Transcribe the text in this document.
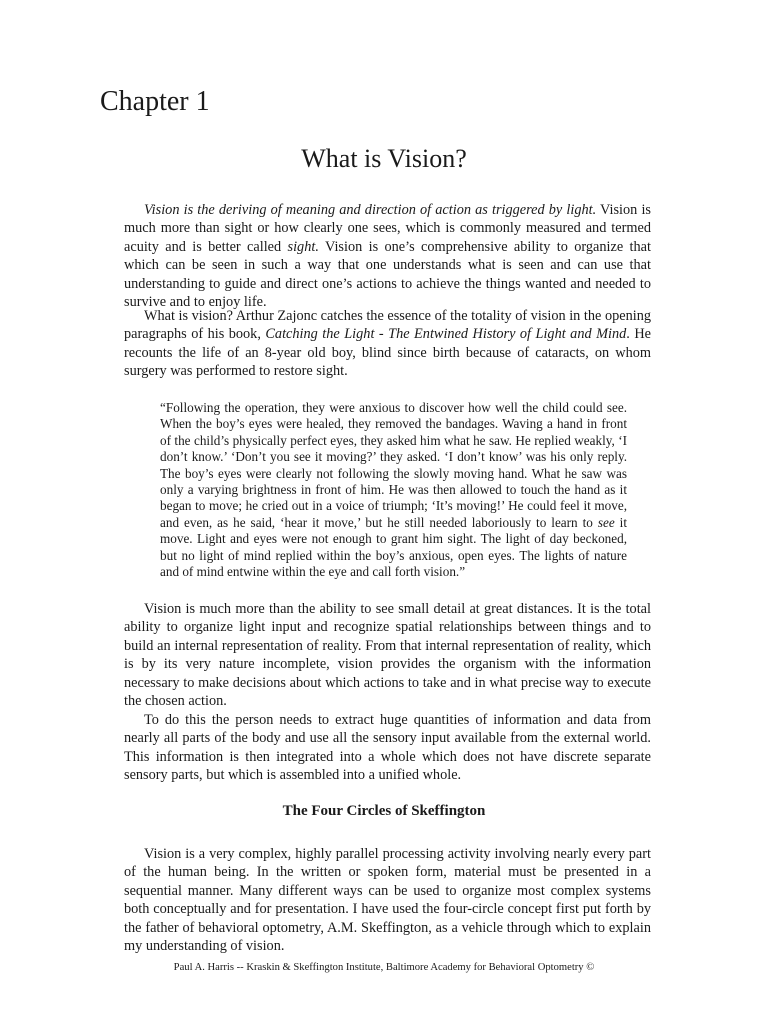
Chapter 1
What is Vision?

Vision is the deriving of meaning and direction of action as triggered by light. Vision is much more than sight or how clearly one sees, which is commonly measured and termed acuity and is better called sight. Vision is one’s comprehensive ability to organize that which can be seen in such a way that one understands what is seen and can use that understanding to guide and direct one’s actions to achieve the things wanted and needed to survive and to enjoy life.

What is vision? Arthur Zajonc catches the essence of the totality of vision in the opening paragraphs of his book, Catching the Light - The Entwined History of Light and Mind. He recounts the life of an 8-year old boy, blind since birth because of cataracts, on whom surgery was performed to restore sight.

“Following the operation, they were anxious to discover how well the child could see. When the boy’s eyes were healed, they removed the bandages. Waving a hand in front of the child’s physically perfect eyes, they asked him what he saw. He replied weakly, ‘I don’t know.’ ‘Don’t you see it moving?’ they asked. ‘I don’t know’ was his only reply. The boy’s eyes were clearly not following the slowly moving hand. What he saw was only a varying brightness in front of him. He was then allowed to touch the hand as it began to move; he cried out in a voice of triumph; ‘It’s moving!’ He could feel it move, and even, as he said, ‘hear it move,’ but he still needed laboriously to learn to see it move. Light and eyes were not enough to grant him sight. The light of day beckoned, but no light of mind replied within the boy’s anxious, open eyes. The lights of nature and of mind entwine within the eye and call forth vision.”

Vision is much more than the ability to see small detail at great distances. It is the total ability to organize light input and recognize spatial relationships between things and to build an internal representation of reality. From that internal representation of reality, which is by its very nature incomplete, vision provides the organism with the information necessary to make decisions about which actions to take and in what precise way to execute the chosen action.

To do this the person needs to extract huge quantities of information and data from nearly all parts of the body and use all the sensory input available from the external world. This information is then integrated into a whole which does not have discrete separate sensory parts, but which is assembled into a unified whole.

The Four Circles of Skeffington

Vision is a very complex, highly parallel processing activity involving nearly every part of the human being. In the written or spoken form, material must be presented in a sequential manner. Many different ways can be used to organize most complex systems both conceptually and for presentation. I have used the four-circle concept first put forth by the father of behavioral optometry, A.M. Skeffington, as a vehicle through which to explain my understanding of vision.

Paul A. Harris -- Kraskin & Skeffington Institute, Baltimore Academy for Behavioral Optometry ©
